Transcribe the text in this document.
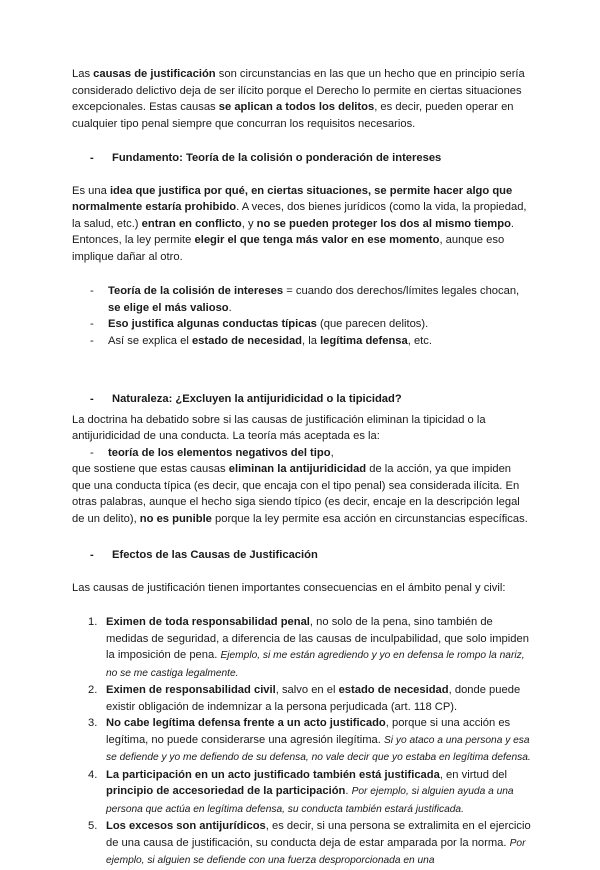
Las causas de justificación son circunstancias en las que un hecho que en principio sería considerado delictivo deja de ser ilícito porque el Derecho lo permite en ciertas situaciones excepcionales. Estas causas se aplican a todos los delitos, es decir, pueden operar en cualquier tipo penal siempre que concurran los requisitos necesarios.

-	Fundamento: Teoría de la colisión o ponderación de intereses

Es una idea que justifica por qué, en ciertas situaciones, se permite hacer algo que normalmente estaría prohibido. A veces, dos bienes jurídicos (como la vida, la propiedad, la salud, etc.) entran en conflicto, y no se pueden proteger los dos al mismo tiempo. Entonces, la ley permite elegir el que tenga más valor en ese momento, aunque eso implique dañar al otro.

-	Teoría de la colisión de intereses = cuando dos derechos/límites legales chocan, se elige el más valioso.
-	Eso justifica algunas conductas típicas (que parecen delitos).
-	Así se explica el estado de necesidad, la legítima defensa, etc.
-	Naturaleza: ¿Excluyen la antijuridicidad o la tipicidad?

La doctrina ha debatido sobre si las causas de justificación eliminan la tipicidad o la antijuridicidad de una conducta. La teoría más aceptada es la:

-	teoría de los elementos negativos del tipo,

que sostiene que estas causas eliminan la antijuridicidad de la acción, ya que impiden que una conducta típica (es decir, que encaja con el tipo penal) sea considerada ilícita. En otras palabras, aunque el hecho siga siendo típico (es decir, encaje en la descripción legal de un delito), no es punible porque la ley permite esa acción en circunstancias específicas.

-	Efectos de las Causas de Justificación

Las causas de justificación tienen importantes consecuencias en el ámbito penal y civil:

1. Eximen de toda responsabilidad penal, no solo de la pena, sino también de medidas de seguridad, a diferencia de las causas de inculpabilidad, que solo impiden la imposición de pena. Ejemplo, si me están agrediendo y yo en defensa le rompo la nariz, no se me castiga legalmente.
2. Eximen de responsabilidad civil, salvo en el estado de necesidad, donde puede existir obligación de indemnizar a la persona perjudicada (art. 118 CP).
3. No cabe legítima defensa frente a un acto justificado, porque si una acción es legítima, no puede considerarse una agresión ilegítima. Si yo ataco a una persona y esa se defiende y yo me defiendo de su defensa, no vale decir que yo estaba en legítima defensa.
4. La participación en un acto justificado también está justificada, en virtud del principio de accesoriedad de la participación. Por ejemplo, si alguien ayuda a una persona que actúa en legítima defensa, su conducta también estará justificada.
5. Los excesos son antijurídicos, es decir, si una persona se extralimita en el ejercicio de una causa de justificación, su conducta deja de estar amparada por la norma. Por ejemplo, si alguien se defiende con una fuerza desproporcionada en una
